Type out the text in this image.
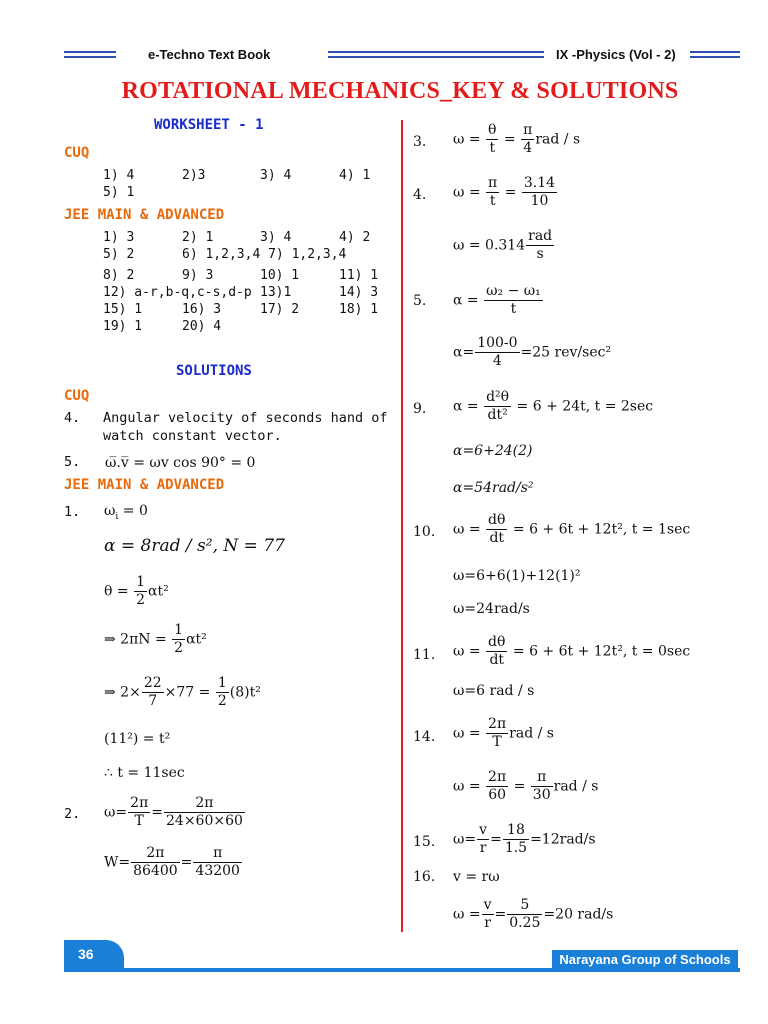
e-Techno Text Book	IX -Physics (Vol - 2)
ROTATIONAL MECHANICS_KEY & SOLUTIONS
WORKSHEET - 1
CUQ
1) 4	2)3	3) 4	4) 1
5) 1
JEE MAIN & ADVANCED
1) 3	2) 1	3) 4	4) 2
5) 2	6) 1,2,3,4 7) 1,2,3,4
8) 2	9) 3	10) 1	11) 1
12) a-r,b-q,c-s,d-p 13)1	14) 3
15) 1	16) 3	17) 2	18) 1
19) 1	20) 4
SOLUTIONS
CUQ
4. Angular velocity of seconds hand of
watch constant vector.
5. ω̅.v̅ = ωv cos 90° = 0
JEE MAIN & ADVANCED
1. $\omega_i = 0$
α = 8rad / s², N = 77
$\theta = \frac{1}{2} \alpha t^2$
⇒ $2\pi N = \frac{1}{2} \alpha t^2$
⇒ $2\times \frac{22}{7} \times 77 = \frac{1}{2} (8)t^2$
(11²) = t²
∴ t = 11sec
2. $\omega= \frac{2\pi}{T} = \frac{2\pi}{24\times 60\times 60}$
$W= \frac{2\pi}{86400} = \frac{\pi}{43200}$
3. $\omega = \frac{\theta}{t} = \frac{\pi}{4}$ rad / s
4. $\omega = \frac{\pi}{t} = \frac{3.14}{10}$
$\omega = 0.314 \frac{\text{rad}}{s}$
5. $\alpha = \frac{\text{ω₂ − ω₁}}{t}$
$\alpha= \frac{100-0}{4} =25$ rev/sec²
9. $\alpha = \frac{\text{d²θ}}{\text{dt²}} = 6 + 24t$, t = 2sec
α=6+24(2)
α=54rad/s²
10. $\omega = \frac{d\theta}{dt} = 6 + 6t + 12t^2$, t = 1sec
ω=6+6(1)+12(1)²
ω=24rad/s
11. $\omega = \frac{d\theta}{dt} = 6 + 6t + 12t^2$, t = 0sec
ω=6 rad / s
14. $\omega = \frac{2\pi}{T}$ rad / s
$\omega = \frac{2\pi}{60} = \frac{\pi}{30}$ rad / s
15. $\omega= \frac{v}{r} = \frac{18}{1.5} =12rad/s$
16. v = rω
$\omega = \frac{v}{r} = \frac{5}{0.25} =20$ rad/s
36	Narayana Group of Schools
